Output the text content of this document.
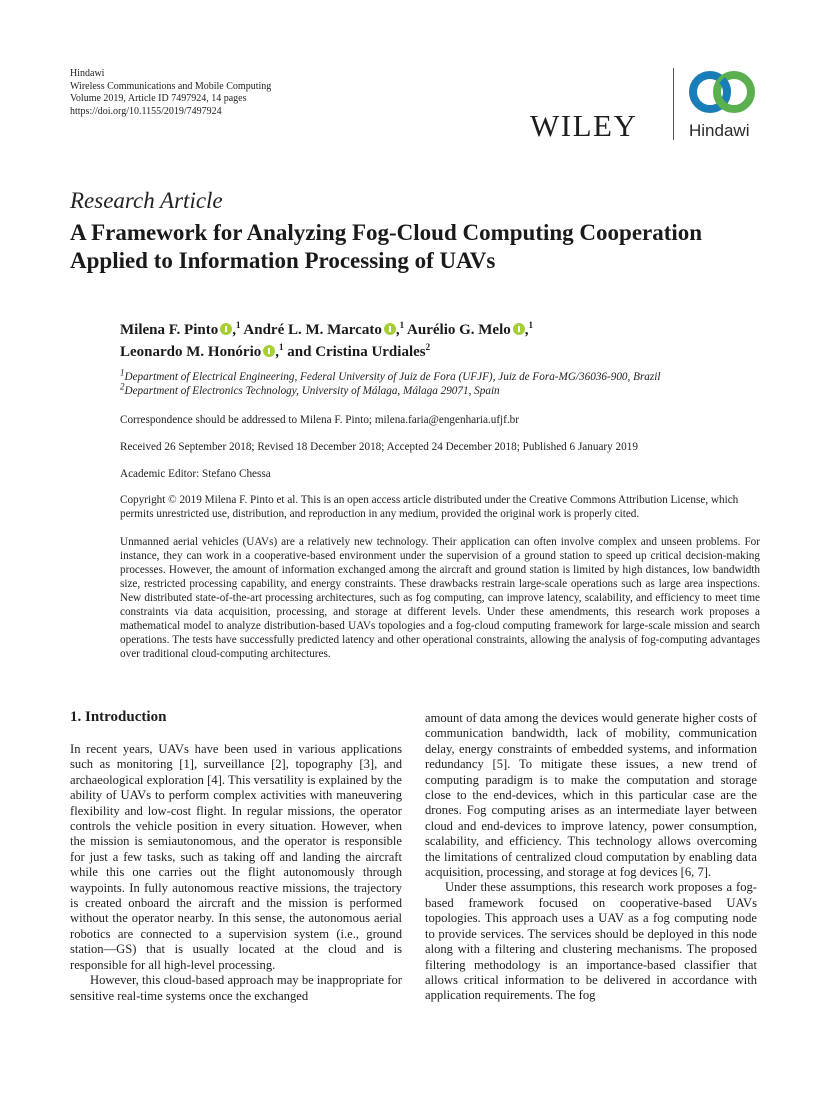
Hindawi
Wireless Communications and Mobile Computing
Volume 2019, Article ID 7497924, 14 pages
https://doi.org/10.1155/2019/7497924	WILEY	Hindawi
Research Article
A Framework for Analyzing Fog-Cloud Computing Cooperation Applied to Information Processing of UAVs
Milena F. Pinto ,$^1$ André L. M. Marcato ,$^1$ Aurélio G. Melo ,$^1$
Leonardo M. Honório ,$^1$ and Cristina Urdiales$^2$
$^1$Department of Electrical Engineering, Federal University of Juiz de Fora (UFJF), Juiz de Fora-MG/36036-900, Brazil
$^2$Department of Electronics Technology, University of Málaga, Málaga 29071, Spain
Correspondence should be addressed to Milena F. Pinto; milena.faria@engenharia.ufjf.br
Received 26 September 2018; Revised 18 December 2018; Accepted 24 December 2018; Published 6 January 2019
Academic Editor: Stefano Chessa
Copyright © 2019 Milena F. Pinto et al. This is an open access article distributed under the Creative Commons Attribution License, which permits unrestricted use, distribution, and reproduction in any medium, provided the original work is properly cited.

Unmanned aerial vehicles (UAVs) are a relatively new technology. Their application can often involve complex and unseen problems. For instance, they can work in a cooperative-based environment under the supervision of a ground station to speed up critical decision-making processes. However, the amount of information exchanged among the aircraft and ground station is limited by high distances, low bandwidth size, restricted processing capability, and energy constraints. These drawbacks restrain large-scale operations such as large area inspections. New distributed state-of-the-art processing architectures, such as fog computing, can improve latency, scalability, and efficiency to meet time constraints via data acquisition, processing, and storage at different levels. Under these amendments, this research work proposes a mathematical model to analyze distribution-based UAVs topologies and a fog-cloud computing framework for large-scale mission and search operations. The tests have successfully predicted latency and other operational constraints, allowing the analysis of fog-computing advantages over traditional cloud-computing architectures.

1. Introduction

In recent years, UAVs have been used in various applications such as monitoring [1], surveillance [2], topography [3], and archaeological exploration [4]. This versatility is explained by the ability of UAVs to perform complex activities with maneuvering flexibility and low-cost flight. In regular missions, the operator controls the vehicle position in every situation. However, when the mission is semiautonomous, and the operator is responsible for just a few tasks, such as taking off and landing the aircraft while this one carries out the flight autonomously through waypoints. In fully autonomous reactive missions, the trajectory is created onboard the aircraft and the mission is performed without the operator nearby. In this sense, the autonomous aerial robotics are connected to a supervision system (i.e., ground station—GS) that is usually located at the cloud and is responsible for all high-level processing.

However, this cloud-based approach may be inappropriate for sensitive real-time systems once the exchanged

amount of data among the devices would generate higher costs of communication bandwidth, lack of mobility, communication delay, energy constraints of embedded systems, and information redundancy [5]. To mitigate these issues, a new trend of computing paradigm is to make the computation and storage close to the end-devices, which in this particular case are the drones. Fog computing arises as an intermediate layer between cloud and end-devices to improve latency, power consumption, scalability, and efficiency. This technology allows overcoming the limitations of centralized cloud computation by enabling data acquisition, processing, and storage at fog devices [6, 7].

Under these assumptions, this research work proposes a fog-based framework focused on cooperative-based UAVs topologies. This approach uses a UAV as a fog computing node to provide services. The services should be deployed in this node along with a filtering and clustering mechanisms. The proposed filtering methodology is an importance-based classifier that allows critical information to be delivered in accordance with application requirements. The fog
